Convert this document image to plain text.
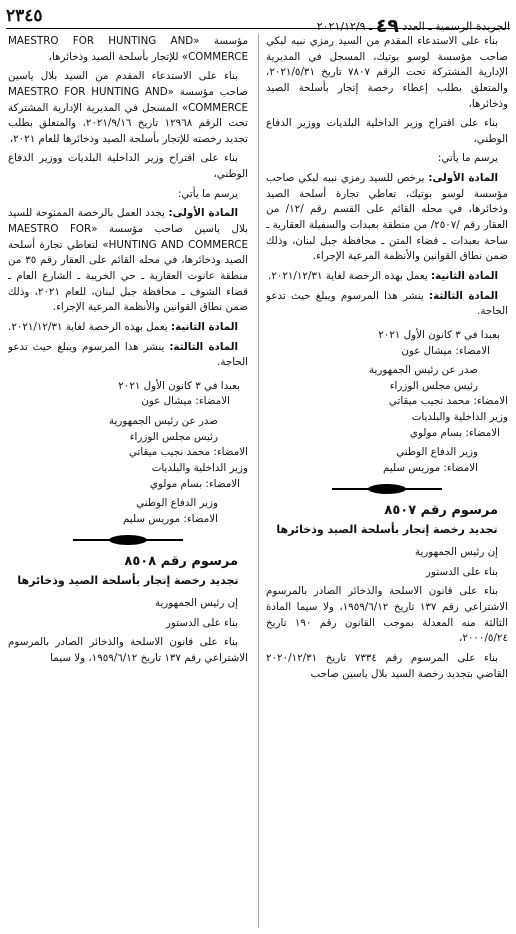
الجريدة الرسمية ـ العدد ٤٩ ـ ٢٠٢١/١٢/٩
٢٣٤٥

بناء على الاستدعاء المقدم من السيد رمزي نبيه لبكي صاحب مؤسسة لوسو بوتيك، المسجل في المديرية الإدارية المشتركة تحت الرقم ٧٨٠٧ تاريخ ٢٠٢١/٥/٣١، والمتعلق بطلب إعطاء رخصة إتجار بأسلحة الصيد وذخائرها،

بناء على اقتراح وزير الداخلية البلديات ووزير الدفاع الوطني،

يرسم ما يأتي:

المادة الأولى: يرخص للسيد رمزي نبيه لبكي صاحب مؤسسة لوسو بوتيك، تعاطي تجارة أسلحة الصيد وذخائرها، في محله القائم على القسم رقم /١٢/ من العقار رقم /٢٥٠٧/ من منطقة بعبدات والسفيلة العقارية ـ ساحة بعبدات ـ قضاء المتن ـ محافظة جبل لبنان، وذلك ضمن نطاق القوانين والأنظمة المرعية الإجراء.

المادة الثانية: يعمل بهذه الرخصة لغاية ٢٠٢١/١٢/٣١.

المادة الثالثة: ينشر هذا المرسوم ويبلغ حيث تدعو الحاجة.

بعبدا في ٣ كانون الأول ٢٠٢١

الامضاء: ميشال عون

صدر عن رئيس الجمهورية

رئيس مجلس الوزراء

الامضاء: محمد نجيب ميقاتي

وزير الداخلية والبلديات

الامضاء: بسام مولوي

وزير الدفاع الوطني

الامضاء: موريس سليم

مرسوم رقم ٨٥٠٧

تجديد رخصة إتجار بأسلحة الصيد وذخائرها

إن رئيس الجمهورية

بناء على الدستور

بناء على قانون الاسلحة والذخائر الصادر بالمرسوم الاشتراعي رقم ١٣٧ تاريخ ١٩٥٩/٦/١٢، ولا سيما المادة الثالثة منه المعدلة بموجب القانون رقم ١٩٠ تاريخ ٢٠٠٠/٥/٢٤،

بناء على المرسوم رقم ٧٣٣٤ تاريخ ٢٠٢٠/١٢/٣١ القاضي بتجديد رخصة السيد بلال ياسين صاحب

مؤسسة «MAESTRO FOR HUNTING AND COMMERCE» للإتجار بأسلحة الصيد وذخائرها،

بناء على الاستدعاء المقدم من السيد بلال ياسين صاحب مؤسسة «MAESTRO FOR HUNTING AND COMMERCE» المسجل في المديرية الإدارية المشتركة تحت الرقم ١٢٩٦٨ تاريخ ٢٠٢١/٩/١٦، والمتعلق بطلب تجديد رخصته للإتجار بأسلحة الصيد وذخائرها للعام ٢٠٢١،

بناء على اقتراح وزير الداخلية البلديات ووزير الدفاع الوطني،

يرسم ما يأتي:

المادة الأولى: يجدد العمل بالرخصة الممنوحة للسيد بلال ياسين صاحب مؤسسة «MAESTRO FOR HUNTING AND COMMERCE» لتعاطي تجارة أسلحة الصيد وذخائرها، في محله القائم على العقار رقم ٣٥ من منطقة عانوت العقارية ـ حي الخريبة ـ الشارع العام ـ قضاء الشوف ـ محافظة جبل لبنان، للعام ٢٠٢١، وذلك ضمن نطاق القوانين والأنظمة المرعية الإجراء.

المادة الثانية: يعمل بهذه الرخصة لغاية ٢٠٢١/١٢/٣١.

المادة الثالثة: ينشر هذا المرسوم ويبلغ حيث تدعو الحاجة.

بعبدا في ٣ كانون الأول ٢٠٢١

الامضاء: ميشال عون

صدر عن رئيس الجمهورية

رئيس مجلس الوزراء

الامضاء: محمد نجيب ميقاتي

وزير الداخلية والبلديات

الامضاء: بسام مولوي

وزير الدفاع الوطني

الامضاء: موريس سليم

مرسوم رقم ٨٥٠٨

تجديد رخصة إتجار بأسلحة الصيد وذخائرها

إن رئيس الجمهورية

بناء على الدستور

بناء على قانون الاسلحة والذخائر الصادر بالمرسوم الاشتراعي رقم ١٣٧ تاريخ ١٩٥٩/٦/١٢، ولا سيما
